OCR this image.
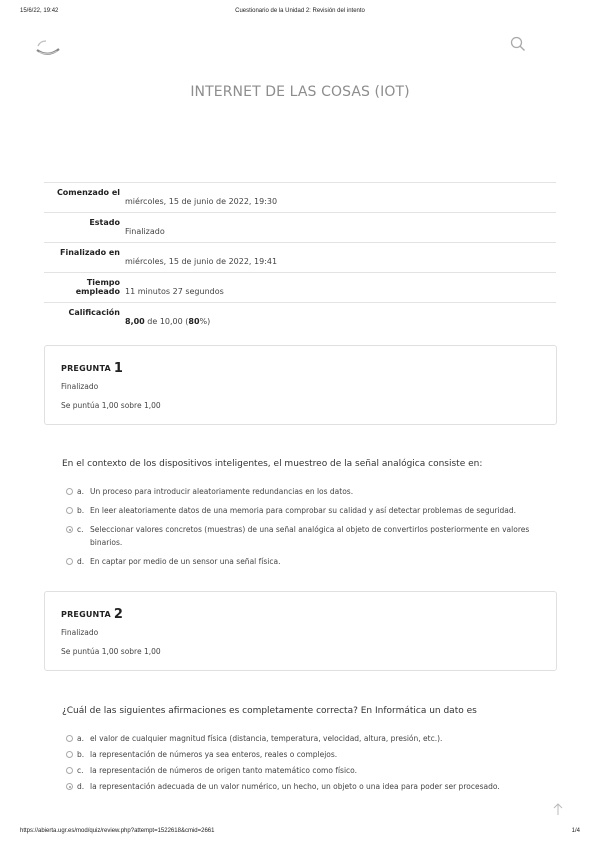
15/6/22, 19:42	Cuestionario de la Unidad 2: Revisión del intento
INTERNET DE LAS COSAS (IOT)
Comenzado el
miércoles, 15 de junio de 2022, 19:30
Estado
Finalizado
Finalizado en
miércoles, 15 de junio de 2022, 19:41
Tiempo empleado 11 minutos 27 segundos
Calificación
8,00 de 10,00 (80%)
PREGUNTA 1
Finalizado
Se puntúa 1,00 sobre 1,00
En el contexto de los dispositivos inteligentes, el muestreo de la señal analógica consiste en:
a. Un proceso para introducir aleatoriamente redundancias en los datos.
b. En leer aleatoriamente datos de una memoria para comprobar su calidad y así detectar problemas de seguridad.
c. Seleccionar valores concretos (muestras) de una señal analógica al objeto de convertirlos posteriormente en valores binarios.
d. En captar por medio de un sensor una señal física.
PREGUNTA 2
Finalizado
Se puntúa 1,00 sobre 1,00
¿Cuál de las siguientes afirmaciones es completamente correcta? En Informática un dato es
a. el valor de cualquier magnitud física (distancia, temperatura, velocidad, altura, presión, etc.).
b. la representación de números ya sea enteros, reales o complejos.
c. la representación de números de origen tanto matemático como físico.
d. la representación adecuada de un valor numérico, un hecho, un objeto o una idea para poder ser procesado.
https://abierta.ugr.es/mod/quiz/review.php?attempt=1522618&cmid=2661	1/4
